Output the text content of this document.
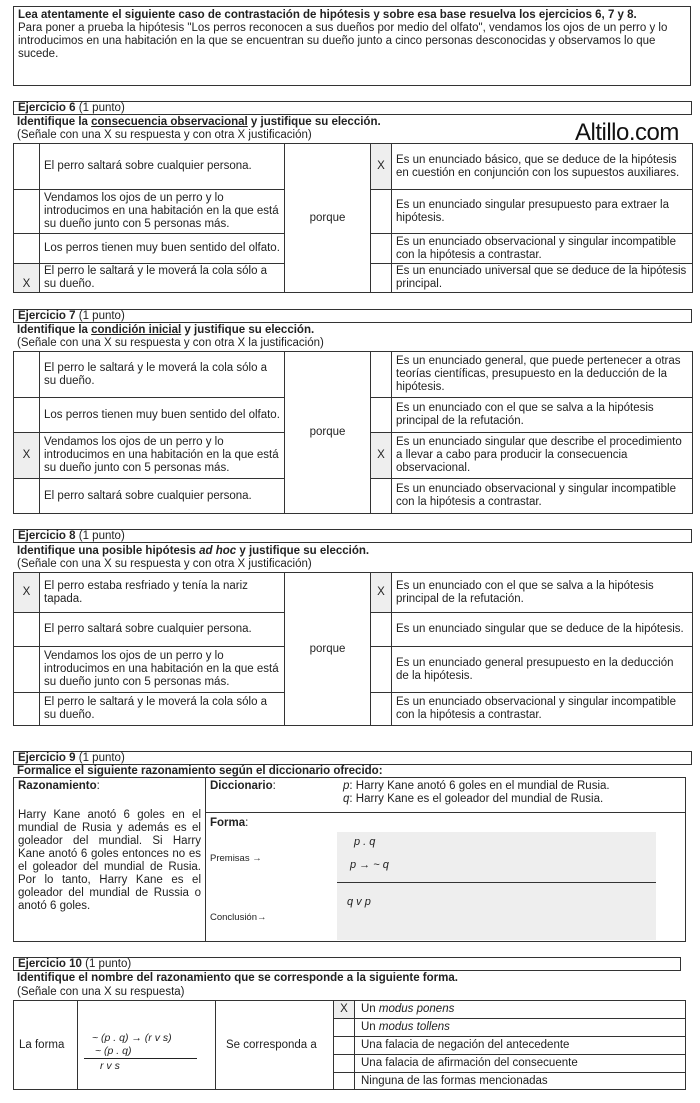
Lea atentamente el siguiente caso de contrastación de hipótesis y sobre esa base resuelva los ejercicios 6, 7 y 8.
Para poner a prueba la hipótesis "Los perros reconocen a sus dueños por medio del olfato", vendamos los ojos de un perro y lo introducimos en una habitación en la que se encuentran su dueño junto a cinco personas desconocidas y observamos lo que sucede.
Ejercicio 6 (1 punto)
Identifique la consecuencia observacional y justifique su elección.
(Señale con una X su respuesta y con otra X justificación)	Altillo.com
	El perro saltará sobre cualquier persona.	porque	X	Es un enunciado básico, que se deduce de la hipótesis en cuestión en conjunción con los supuestos auxiliares.
	Vendamos los ojos de un perro y lo introducimos en una habitación en la que está su dueño junto con 5 personas más.			Es un enunciado singular presupuesto para extraer la hipótesis.
	Los perros tienen muy buen sentido del olfato.			Es un enunciado observacional y singular incompatible con la hipótesis a contrastar.
X	El perro le saltará y le moverá la cola sólo a su dueño.			Es un enunciado universal que se deduce de la hipótesis principal.
Ejercicio 7 (1 punto)
Identifique la condición inicial y justifique su elección.
(Señale con una X su respuesta y con otra X la justificación)
	El perro le saltará y le moverá la cola sólo a su dueño.	porque		Es un enunciado general, que puede pertenecer a otras teorías científicas, presupuesto en la deducción de la hipótesis.
	Los perros tienen muy buen sentido del olfato.			Es un enunciado con el que se salva a la hipótesis principal de la refutación.
X	Vendamos los ojos de un perro y lo introducimos en una habitación en la que está su dueño junto con 5 personas más.		X	Es un enunciado singular que describe el procedimiento a llevar a cabo para producir la consecuencia observacional.
	El perro saltará sobre cualquier persona.			Es un enunciado observacional y singular incompatible con la hipótesis a contrastar.
Ejercicio 8 (1 punto)
Identifique una posible hipótesis ad hoc y justifique su elección.
(Señale con una X su respuesta y con otra X justificación)
X	El perro estaba resfriado y tenía la nariz tapada.	porque	X	Es un enunciado con el que se salva a la hipótesis principal de la refutación.
	El perro saltará sobre cualquier persona.			Es un enunciado singular que se deduce de la hipótesis.
	Vendamos los ojos de un perro y lo introducimos en una habitación en la que está su dueño junto con 5 personas más.			Es un enunciado general presupuesto en la deducción de la hipótesis.
	El perro le saltará y le moverá la cola sólo a su dueño.			Es un enunciado observacional y singular incompatible con la hipótesis a contrastar.
Ejercicio 9 (1 punto)
Formalice el siguiente razonamiento según el diccionario ofrecido:
Razonamiento:
Harry Kane anotó 6 goles en el mundial de Rusia y además es el goleador del mundial. Si Harry Kane anotó 6 goles entonces no es el goleador del mundial de Rusia. Por lo tanto, Harry Kane es el goleador del mundial de Russia o anotó 6 goles.
Diccionario:	p: Harry Kane anotó 6 goles en el mundial de Rusia.
q: Harry Kane es el goleador del mundial de Rusia.
Forma:
Premisas →
Conclusión→
p . q
p → ~ q
q v p
Ejercicio 10 (1 punto)
Identifique el nombre del razonamiento que se corresponde a la siguiente forma.
(Señale con una X su respuesta)
La forma
~ (p . q) → (r v s)
~ (p . q)
r v s
Se corresponda a
X	Un modus ponens
Un modus tollens
Una falacia de negación del antecedente
Una falacia de afirmación del consecuente
Ninguna de las formas mencionadas
